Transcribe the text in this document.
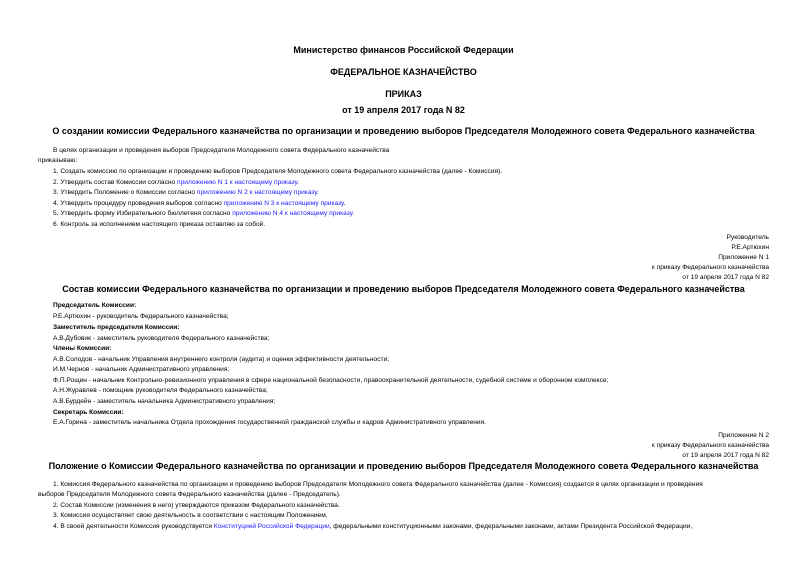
Министерство финансов Российской Федерации
ФЕДЕРАЛЬНОЕ КАЗНАЧЕЙСТВО
ПРИКАЗ
от 19 апреля 2017 года N 82
О создании комиссии Федерального казначейства по организации и проведению выборов Председателя Молодежного совета Федерального казначейства
В целях организации и проведения выборов Председателя Молодежного совета Федерального казначейства
приказываю:
1. Создать комиссию по организации и проведению выборов Председателя Молодежного совета Федерального казначейства (далее - Комиссия).
2. Утвердить состав Комиссии согласно приложению N 1 к настоящему приказу.
3. Утвердить Положение о Комиссии согласно приложению N 2 к настоящему приказу.
4. Утвердить процедуру проведения выборов согласно приложению N 3 к настоящему приказу.
5. Утвердить форму Избирательного бюллетеня согласно приложению N 4 к настоящему приказу.
6. Контроль за исполнением настоящего приказа оставляю за собой.
Руководитель
Р.Е.Артюхин
Приложение N 1
к приказу Федерального казначейства
от 19 апреля 2017 года N 82
Состав комиссии Федерального казначейства по организации и проведению выборов Председателя Молодежного совета Федерального казначейства
Председатель Комиссии:
Р.Е.Артюхин - руководитель Федерального казначейства;
Заместитель председателя Комиссии:
А.В.Дубовик - заместитель руководителя Федерального казначейства;
Члены Комиссии:
А.В.Солодов - начальник Управления внутреннего контроля (аудита) и оценки эффективности деятельности;
И.М.Чернов - начальник Административного управления;
Ф.П.Рощин - начальник Контрольно-ревизионного управления в сфере национальной безопасности, правоохранительной деятельности, судебной системе и оборонном комплексе;
А.Н.Журавлев - помощник руководителя Федерального казначейства;
А.В.Бурдейн - заместитель начальника Административного управления;
Секретарь Комиссии:
Е.А.Горина - заместитель начальника Отдела прохождения государственной гражданской службы и кадров Административного управления.
Приложение N 2
к приказу Федерального казначейства
от 19 апреля 2017 года N 82
Положение о Комиссии Федерального казначейства по организации и проведению выборов Председателя Молодежного совета Федерального казначейства
1. Комиссия Федерального казначейства по организации и проведению выборов Председателя Молодежного совета Федерального казначейства (далее - Комиссия) создается в целях организации и проведения
выборов Председателя Молодежного совета Федерального казначейства (далее - Председатель).
2. Состав Комиссии (изменения в него) утверждаются приказом Федерального казначейства.
3. Комиссия осуществляет свою деятельность в соответствии с настоящим Положением.
4. В своей деятельности Комиссия руководствуется Конституцией Российской Федерации, федеральными конституционными законами, федеральными законами, актами Президента Российской Федерации,
